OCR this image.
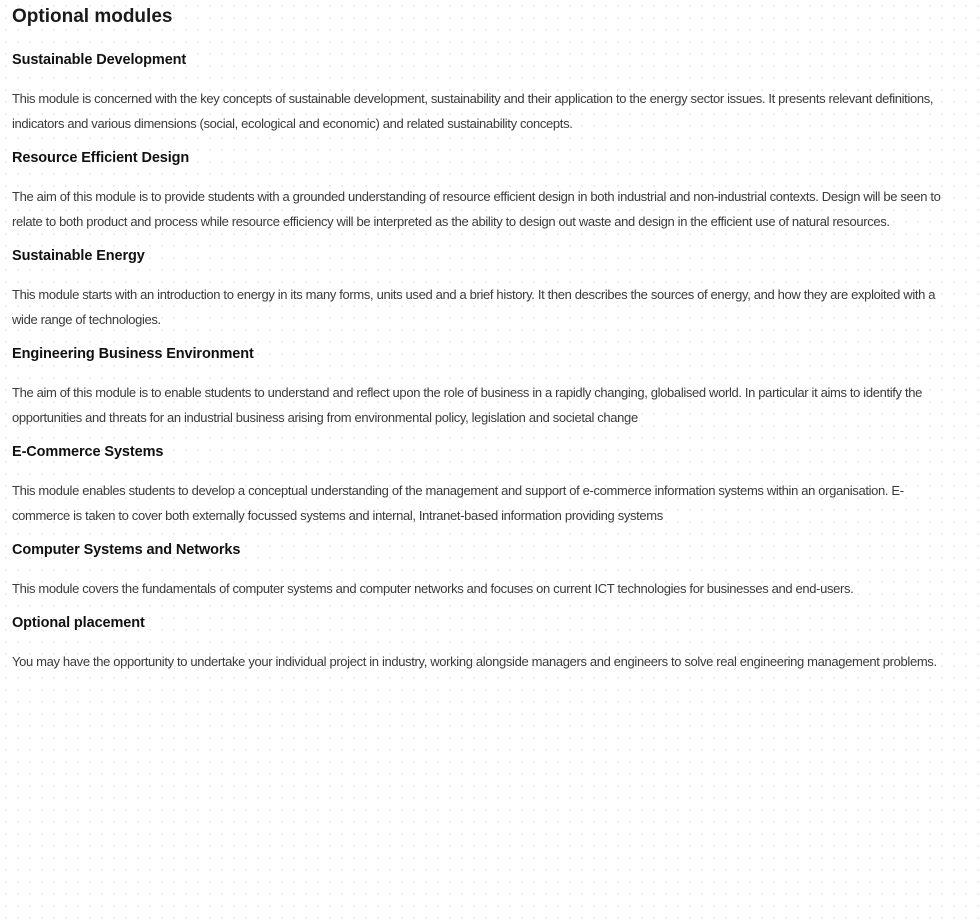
Optional modules
Sustainable Development

This module is concerned with the key concepts of sustainable development, sustainability and their application to the energy sector issues. It presents relevant definitions, indicators and various dimensions (social, ecological and economic) and related sustainability concepts.

Resource Efficient Design

The aim of this module is to provide students with a grounded understanding of resource efficient design in both industrial and non-industrial contexts. Design will be seen to relate to both product and process while resource efficiency will be interpreted as the ability to design out waste and design in the efficient use of natural resources.

Sustainable Energy

This module starts with an introduction to energy in its many forms, units used and a brief history. It then describes the sources of energy, and how they are exploited with a wide range of technologies.

Engineering Business Environment

The aim of this module is to enable students to understand and reflect upon the role of business in a rapidly changing, globalised world. In particular it aims to identify the opportunities and threats for an industrial business arising from environmental policy, legislation and societal change

E-Commerce Systems

This module enables students to develop a conceptual understanding of the management and support of e-commerce information systems within an organisation. E-commerce is taken to cover both externally focussed systems and internal, Intranet-based information providing systems

Computer Systems and Networks

This module covers the fundamentals of computer systems and computer networks and focuses on current ICT technologies for businesses and end-users.

Optional placement

You may have the opportunity to undertake your individual project in industry, working alongside managers and engineers to solve real engineering management problems.
